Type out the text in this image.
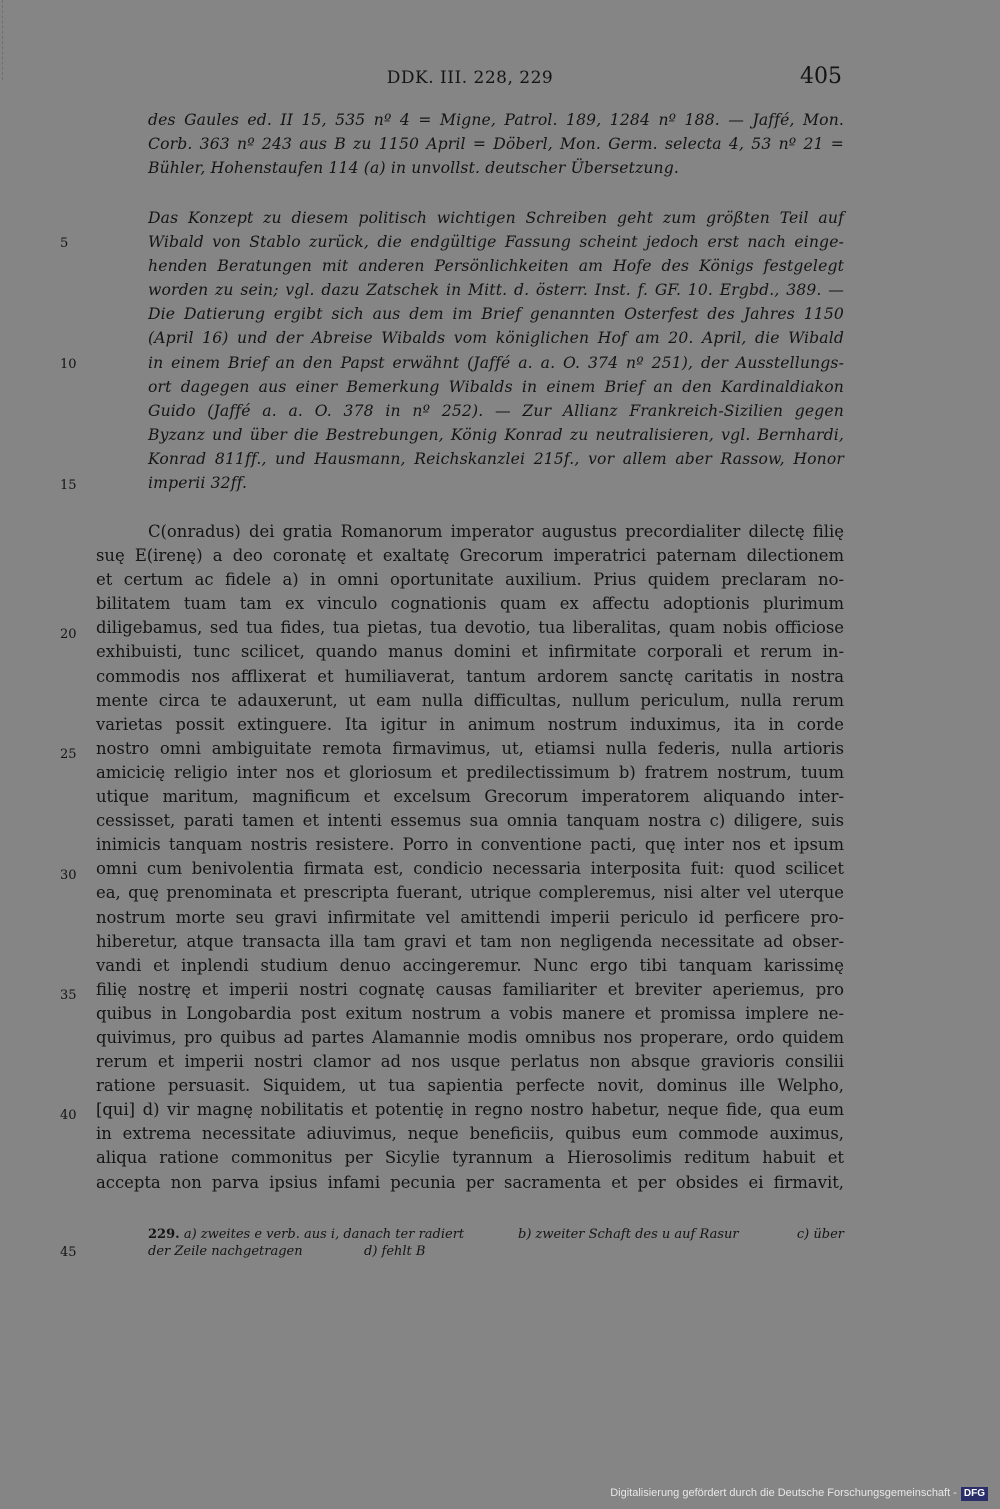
DDK. III. 228, 229	405
des Gaules ed. II 15, 535 nº 4 = Migne, Patrol. 189, 1284 nº 188. — Jaffé, Mon.
Corb. 363 nº 243 aus B zu 1150 April = Döberl, Mon. Germ. selecta 4, 53 nº 21 =
Bühler, Hohenstaufen 114 (a) in unvollst. deutscher Übersetzung.
Das Konzept zu diesem politisch wichtigen Schreiben geht zum größten Teil auf
Wibald von Stablo zurück, die endgültige Fassung scheint jedoch erst nach einge-
henden Beratungen mit anderen Persönlichkeiten am Hofe des Königs festgelegt
worden zu sein; vgl. dazu Zatschek in Mitt. d. österr. Inst. f. GF. 10. Ergbd., 389. —
Die Datierung ergibt sich aus dem im Brief genannten Osterfest des Jahres 1150
(April 16) und der Abreise Wibalds vom königlichen Hof am 20. April, die Wibald
in einem Brief an den Papst erwähnt (Jaffé a. a. O. 374 nº 251), der Ausstellungs-
ort dagegen aus einer Bemerkung Wibalds in einem Brief an den Kardinaldiakon
Guido (Jaffé a. a. O. 378 in nº 252). — Zur Allianz Frankreich-Sizilien gegen
Byzanz und über die Bestrebungen, König Konrad zu neutralisieren, vgl. Bernhardi,
Konrad 811ff., und Hausmann, Reichskanzlei 215f., vor allem aber Rassow, Honor
imperii 32ff.
5
10
15
20
25
30
35
40
45
C(onradus) dei gratia Romanorum imperator augustus precordialiter dilectę filię
suę E(irenę) a deo coronatę et exaltatę Grecorum imperatrici paternam dilectionem
et certum ac fidele a) in omni oportunitate auxilium. Prius quidem preclaram no-
bilitatem tuam tam ex vinculo cognationis quam ex affectu adoptionis plurimum
diligebamus, sed tua fides, tua pietas, tua devotio, tua liberalitas, quam nobis officiose
exhibuisti, tunc scilicet, quando manus domini et infirmitate corporali et rerum in-
commodis nos afflixerat et humiliaverat, tantum ardorem sanctę caritatis in nostra
mente circa te adauxerunt, ut eam nulla difficultas, nullum periculum, nulla rerum
varietas possit extinguere. Ita igitur in animum nostrum induximus, ita in corde
nostro omni ambiguitate remota firmavimus, ut, etiamsi nulla federis, nulla artioris
amicicię religio inter nos et gloriosum et predilectissimum b) fratrem nostrum, tuum
utique maritum, magnificum et excelsum Grecorum imperatorem aliquando inter-
cessisset, parati tamen et intenti essemus sua omnia tanquam nostra c) diligere, suis
inimicis tanquam nostris resistere. Porro in conventione pacti, quę inter nos et ipsum
omni cum benivolentia firmata est, condicio necessaria interposita fuit: quod scilicet
ea, quę prenominata et prescripta fuerant, utrique compleremus, nisi alter vel uterque
nostrum morte seu gravi infirmitate vel amittendi imperii periculo id perficere pro-
hiberetur, atque transacta illa tam gravi et tam non negligenda necessitate ad obser-
vandi et inplendi studium denuo accingeremur. Nunc ergo tibi tanquam karissimę
filię nostrę et imperii nostri cognatę causas familiariter et breviter aperiemus, pro
quibus in Longobardia post exitum nostrum a vobis manere et promissa implere ne-
quivimus, pro quibus ad partes Alamannie modis omnibus nos properare, ordo quidem
rerum et imperii nostri clamor ad nos usque perlatus non absque gravioris consilii
ratione persuasit. Siquidem, ut tua sapientia perfecte novit, dominus ille Welpho,
[qui] d) vir magnę nobilitatis et potentię in regno nostro habetur, neque fide, qua eum
in extrema necessitate adiuvimus, neque beneficiis, quibus eum commode auximus,
aliqua ratione commonitus per Sicylie tyrannum a Hierosolimis reditum habuit et
accepta non parva ipsius infami pecunia per sacramenta et per obsides ei firmavit,
229. a) zweites e verb. aus i, danach ter radiert	b) zweiter Schaft des u auf Rasur	c) über
der Zeile nachgetragen	d) fehlt B
Digitalisierung gefördert durch die Deutsche Forschungsgemeinschaft - DFG
